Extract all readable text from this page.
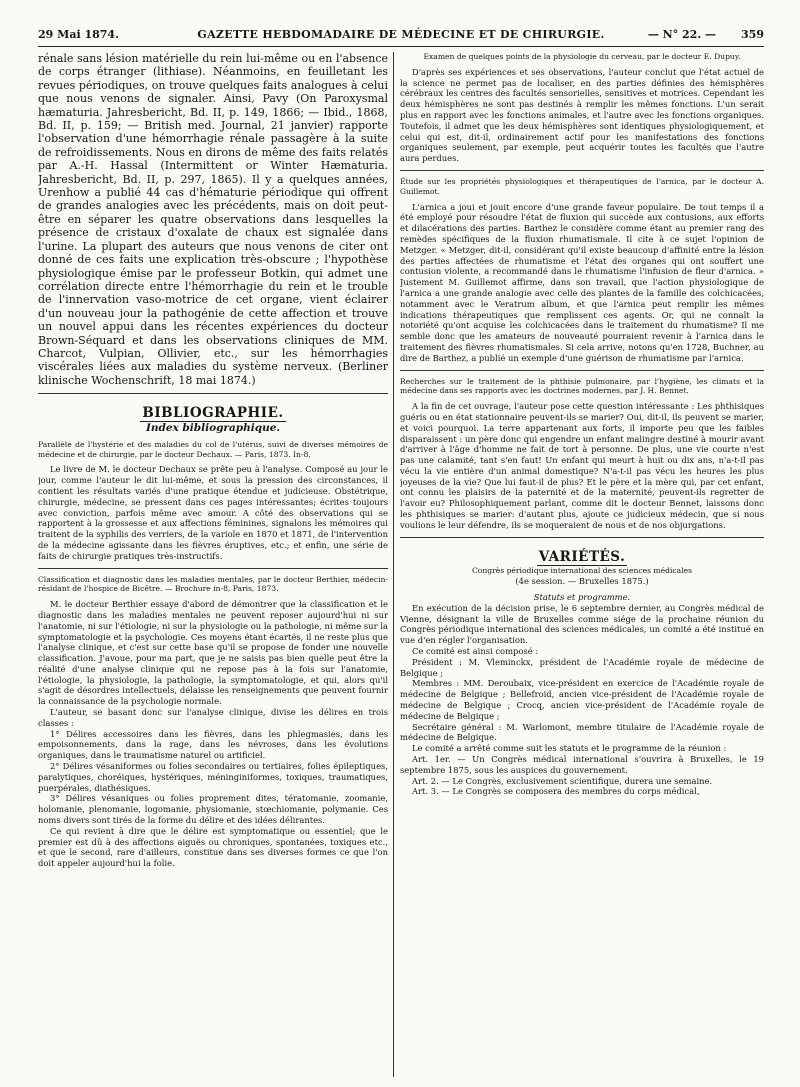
29 Mai 1874.	GAZETTE HEBDOMADAIRE DE MÉDECINE ET DE CHIRURGIE.	— N° 22. — 359

rénale sans lésion matérielle du rein lui-même ou en l'absence de corps étranger (lithiase). Néanmoins, en feuilletant les revues périodiques, on trouve quelques faits analogues à celui que nous venons de signaler. Ainsi, Pavy (On Paroxysmal hæmaturia. Jahresbericht, Bd. II, p. 149, 1866; — Ibid., 1868, Bd. II, p. 159; — British med. Journal, 21 janvier) rapporte l'observation d'une hémorrhagie rénale passagère à la suite de refroidissements. Nous en dirons de même des faits relatés par A.-H. Hassal (Intermittent or Winter Hæmaturia. Jahresbericht, Bd. II, p. 297, 1865). Il y a quelques années, Urenhow a publié 44 cas d'hématurie périodique qui offrent de grandes analogies avec les précédents, mais on doit peut-être en séparer les quatre observations dans lesquelles la présence de cristaux d'oxalate de chaux est signalée dans l'urine. La plupart des auteurs que nous venons de citer ont donné de ces faits une explication très-obscure ; l'hypothèse physiologique émise par le professeur Botkin, qui admet une corrélation directe entre l'hémorrhagie du rein et le trouble de l'innervation vaso-motrice de cet organe, vient éclairer d'un nouveau jour la pathogénie de cette affection et trouve un nouvel appui dans les récentes expériences du docteur Brown-Séquard et dans les observations cliniques de MM. Charcot, Vulpian, Ollivier, etc., sur les hémorrhagies viscérales liées aux maladies du système nerveux. (Berliner klinische Wochenschrift, 18 mai 1874.)

BIBLIOGRAPHIE.
Index bibliographique.

Parallèle de l'hystérie et des maladies du col de l'utérus, suivi de diverses mémoires de médecine et de chirurgie, par le docteur Dechaux. — Paris, 1873. In-8.

Le livre de M. le docteur Dechaux se prête peu à l'analyse. Composé au jour le jour, comme l'auteur le dit lui-même, et sous la pression des circonstances, il contient les résultats variés d'une pratique étendue et judicieuse. Obstétrique, chirurgie, médecine, se pressent dans ces pages intéressantes; écrites toujours avec conviction, parfois même avec amour. A côté des observations qui se rapportent à la grossesse et aux affections féminines, signalons les mémoires qui traitent de la syphilis des verriers, de la variole en 1870 et 1871, de l'intervention de la médecine agissante dans les fièvres éruptives, etc.; et enfin, une série de faits de chirurgie pratiques très-instructifs.

Classification et diagnostic dans les maladies mentales, par le docteur Berthier, médecin-résidant de l'hospice de Bicêtre. — Brochure in-8, Paris, 1873.

M. le docteur Berthier essaye d'abord de démontrer que la classification et le diagnostic dans les maladies mentales ne peuvent reposer aujourd'hui ni sur l'anatomie, ni sur l'étiologie, ni sur la physiologie ou la pathologie, ni même sur la symptomatologie et la psychologie. Ces moyens étant écartés, il ne reste plus que l'analyse clinique, et c'est sur cette base qu'il se propose de fonder une nouvelle classification. J'avoue, pour ma part, que je ne saisis pas bien quelle peut être la réalité d'une analyse clinique qui ne repose pas à la fois sur l'anatomie, l'étiologie, la physiologie, la pathologie, la symptomatologie, et qui, alors qu'il s'agit de désordres intellectuels, délaisse les renseignements que peuvent fournir la connaissance de la psychologie normale.

L'auteur, se basant donc sur l'analyse clinique, divise les délires en trois classes :

1° Délires accessoires dans les fièvres, dans les phlegmasies, dans les empoisonnements, dans la rage, dans les névroses, dans les évolutions organiques, dans le traumatisme naturel ou artificiel.

2° Délires vésaniformes ou folies secondaires ou tertiaires, folies épileptiques, paralytiques, choréiques, hystériques, méninginiformes, toxiques, traumatiques, puerpérales, diathésiques.

3° Délires vésaniques ou folies proprement dites, tératomanie, zoomanie, holomanie, plenomanie, logomanie, physiomanie, stœchiomanie, polymanie. Ces noms divers sont tirés de la forme du délire et des idées délirantes.

Ce qui revient à dire que le délire est symptomatique ou essentiel; que le premier est dû à des affections aiguës ou chroniques, spontanées, toxiques etc., et que le second, rare d'ailleurs, constitue dans ses diverses formes ce que l'on doit appeler aujourd'hui la folie.

Examen de quelques points de la physiologie du cerveau, par le docteur E. Dupuy.

D'après ses expériences et ses observations, l'auteur conclut que l'état actuel de la science ne permet pas de localiser, en des parties définies des hémisphères cérébraux les centres des facultés sensorielles, sensitives et motrices. Cependant les deux hémisphères ne sont pas destinés à remplir les mêmes fonctions. L'un serait plus en rapport avec les fonctions animales, et l'autre avec les fonctions organiques. Toutefois, il admet que les deux hémisphères sont identiques physiologiquement, et celui qui est, dit-il, ordinairement actif pour les manifestations des fonctions organiques seulement, par exemple, peut acquérir toutes les facultés que l'autre aura perdues.

Étude sur les propriétés physiologiques et thérapeutiques de l'arnica, par le docteur A. Guillemot.

L'arnica a joui et jouit encore d'une grande faveur populaire. De tout temps il a été employé pour résoudre l'état de fluxion qui succède aux contusions, aux efforts et dilacérations des parties. Barthez le considère comme étant au premier rang des remèdes spécifiques de la fluxion rhumatismale. Il cite à ce sujet l'opinion de Metzger. « Metzger, dit-il, considérant qu'il existe beaucoup d'affinité entre la lésion des parties affectées de rhumatisme et l'état des organes qui ont souffert une contusion violente, a recommandé dans le rhumatisme l'infusion de fleur d'arnica. » Justement M. Guillemot affirme, dans son travail, que l'action physiologique de l'arnica a une grande analogie avec celle des plantes de la famille des colchicacées, notamment avec le Veratrum album, et que l'arnica peut remplir les mêmes indications thérapeutiques que remplissent ces agents. Or, qui ne connaît la notoriété qu'ont acquise les colchicacées dans le traitement du rhumatisme? Il me semble donc que les amateurs de nouveauté pourraient revenir à l'arnica dans le traitement des fièvres rhumatismales. Si cela arrive, notons qu'en 1728, Buchner, au dire de Barthez, a publié un exemple d'une guérison de rhumatisme par l'arnica.

Recherches sur le traitement de la phthisie pulmonaire, par l'hygiène, les climats et la médecine dans ses rapports avec les doctrines modernes, par J. H. Bennet.

A la fin de cet ouvrage, l'auteur pose cette question intéressante : Les phthisiques guéris ou en état stationnaire peuvent-ils se marier? Oui, dit-il, ils peuvent se marier, et voici pourquoi. La terre appartenant aux forts, il importe peu que les faibles disparaissent : un père donc qui engendre un enfant malingre destiné à mourir avant d'arriver à l'âge d'homme ne fait de tort à personne. De plus, une vie courte n'est pas une calamité, tant s'en faut! Un enfant qui meurt à huit ou dix ans, n'a-t-il pas vécu la vie entière d'un animal domestique? N'a-t-il pas vécu les heures les plus joyeuses de la vie? Que lui faut-il de plus? Et le père et la mère qui, par cet enfant, ont connu les plaisirs de la paternité et de la maternité, peuvent-ils regretter de l'avoir eu? Philosophiquement parlant, comme dit le docteur Bennet, laissons donc les phthisiques se marier: d'autant plus, ajoute ce judicieux médecin, que si nous voulions le leur défendre, ils se moqueraient de nous et de nos objurgations.

VARIÉTÉS.

Congrès périodique international des sciences médicales

(4e session. — Bruxelles 1875.)

Statuts et programme.

En exécution de la décision prise, le 6 septembre dernier, au Congrès médical de Vienne, désignant la ville de Bruxelles comme siége de la prochaine réunion du Congrès périodique international des sciences médicales, un comité a été institué en vue d'en régler l'organisation.

Ce comité est ainsi composé :

Président : M. Vleminckx, président de l'Académie royale de médecine de Belgique ;

Membres : MM. Deroubaix, vice-président en exercice de l'Académie royale de médecine de Belgique ; Bellefroid, ancien vice-président de l'Académie royale de médecine de Belgique ; Crocq, ancien vice-président de l'Académie royale de médecine de Belgique ;

Secrétaire général : M. Warlomont, membre titulaire de l'Académie royale de médecine de Belgique.

Le comité a arrêté comme suit les statuts et le programme de la réunion :

Art. 1er. — Un Congrès médical international s'ouvrira à Bruxelles, le 19 septembre 1875, sous les auspices du gouvernement.

Art. 2. — Le Congrès, exclusivement scientifique, durera une semaine.

Art. 3. — Le Congrès se composera des membres du corps médical,
